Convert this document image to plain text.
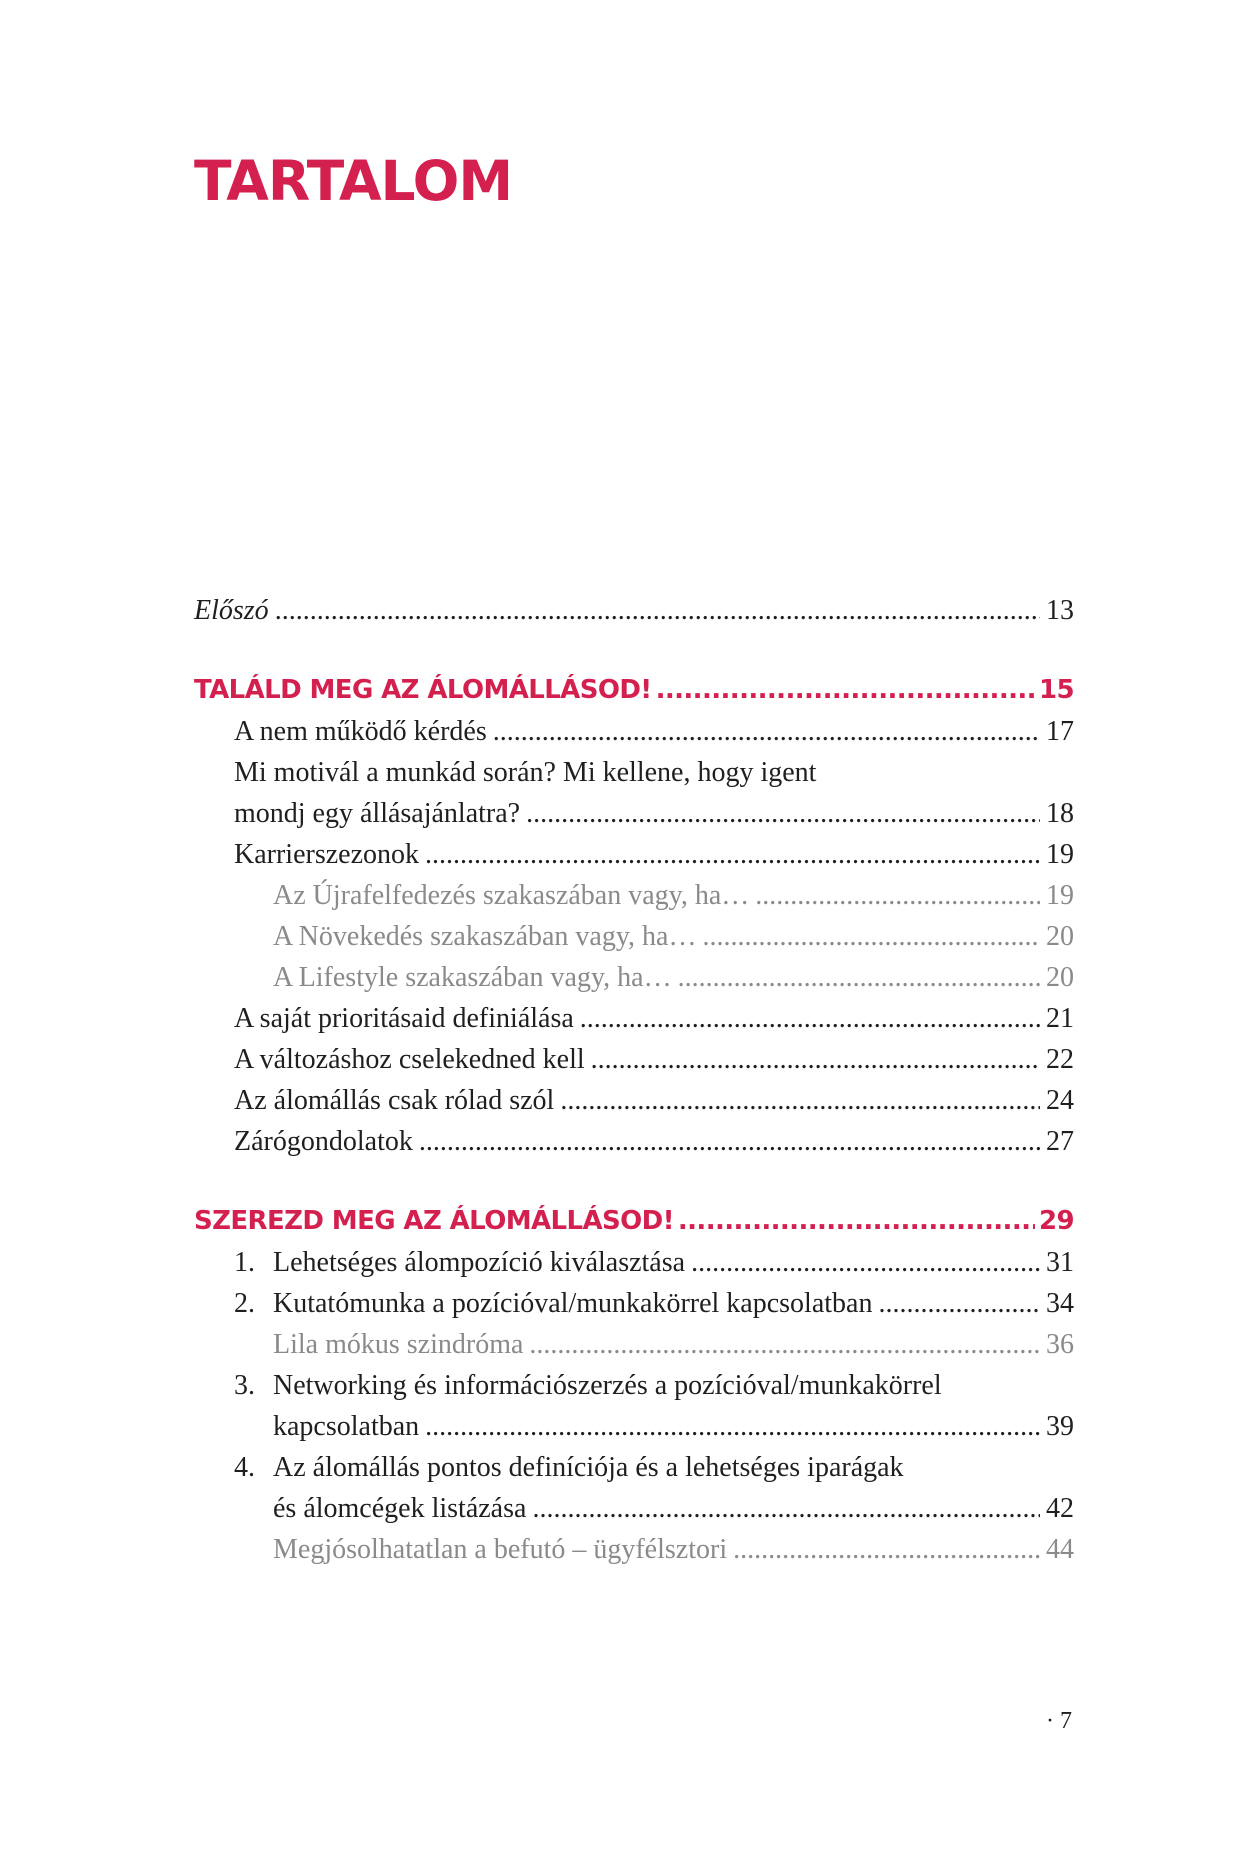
TARTALOM
Előszó .....	13
TALÁLD MEG AZ ÁLOMÁLLÁSOD! .....	15
A nem működő kérdés .....	17
Mi motivál a munkád során? Mi kellene, hogy igent
mondj egy állásajánlatra? .....	18
Karrierszezonok .....	19
Az Újrafelfedezés szakaszában vagy, ha… .....	19
A Növekedés szakaszában vagy, ha… .....	20
A Lifestyle szakaszában vagy, ha… .....	20
A saját prioritásaid definiálása .....	21
A változáshoz cselekedned kell .....	22
Az álomállás csak rólad szól .....	24
Zárógondolatok .....	27
SZEREZD MEG AZ ÁLOMÁLLÁSOD! .....	29
1. Lehetséges álompozíció kiválasztása .....	31
2. Kutatómunka a pozícióval/munkakörrel kapcsolatban .....	34
Lila mókus szindróma .....	36
3. Networking és információszerzés a pozícióval/munkakörrel
kapcsolatban .....	39
4. Az álomállás pontos definíciója és a lehetséges iparágak
és álomcégek listázása .....	42
Megjósolhatatlan a befutó – ügyfélsztori .....	44
· 7
